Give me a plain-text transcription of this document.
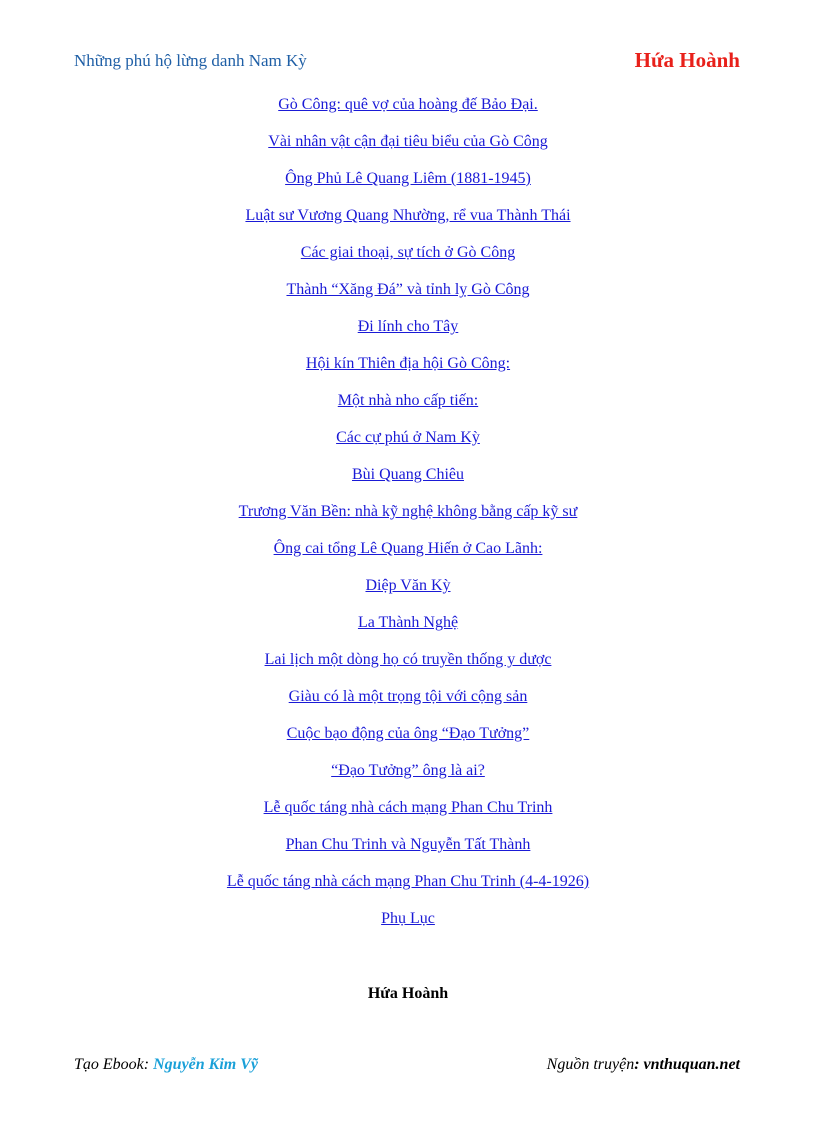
Những phú hộ lừng danh Nam Kỳ	Hứa Hoành
Gò Công: quê vợ của hoàng đế Bảo Đại.
Vài nhân vật cận đại tiêu biểu của Gò Công
Ông Phủ Lê Quang Liêm (1881-1945)
Luật sư Vương Quang Nhường, rể vua Thành Thái
Các giai thoại, sự tích ở Gò Công
Thành “Xăng Đá” và tỉnh lỵ Gò Công
Đi lính cho Tây
Hội kín Thiên địa hội Gò Công:
Một nhà nho cấp tiến:
Các cự phú ở Nam Kỳ
Bùi Quang Chiêu
Trương Văn Bền: nhà kỹ nghệ không bằng cấp kỹ sư
Ông cai tổng Lê Quang Hiến ở Cao Lãnh:
Diệp Văn Kỳ
La Thành Nghệ
Lai lịch một dòng họ có truyền thống y dược
Giàu có là một trọng tội với cộng sản
Cuộc bạo động của ông “Đạo Tưởng”
“Đạo Tưởng” ông là ai?
Lễ quốc táng nhà cách mạng Phan Chu Trinh
Phan Chu Trinh và Nguyễn Tất Thành
Lễ quốc táng nhà cách mạng Phan Chu Trinh (4-4-1926)
Phụ Lục
Hứa Hoành
Tạo Ebook: Nguyễn Kim Vỹ	Nguồn truyện: vnthuquan.net
